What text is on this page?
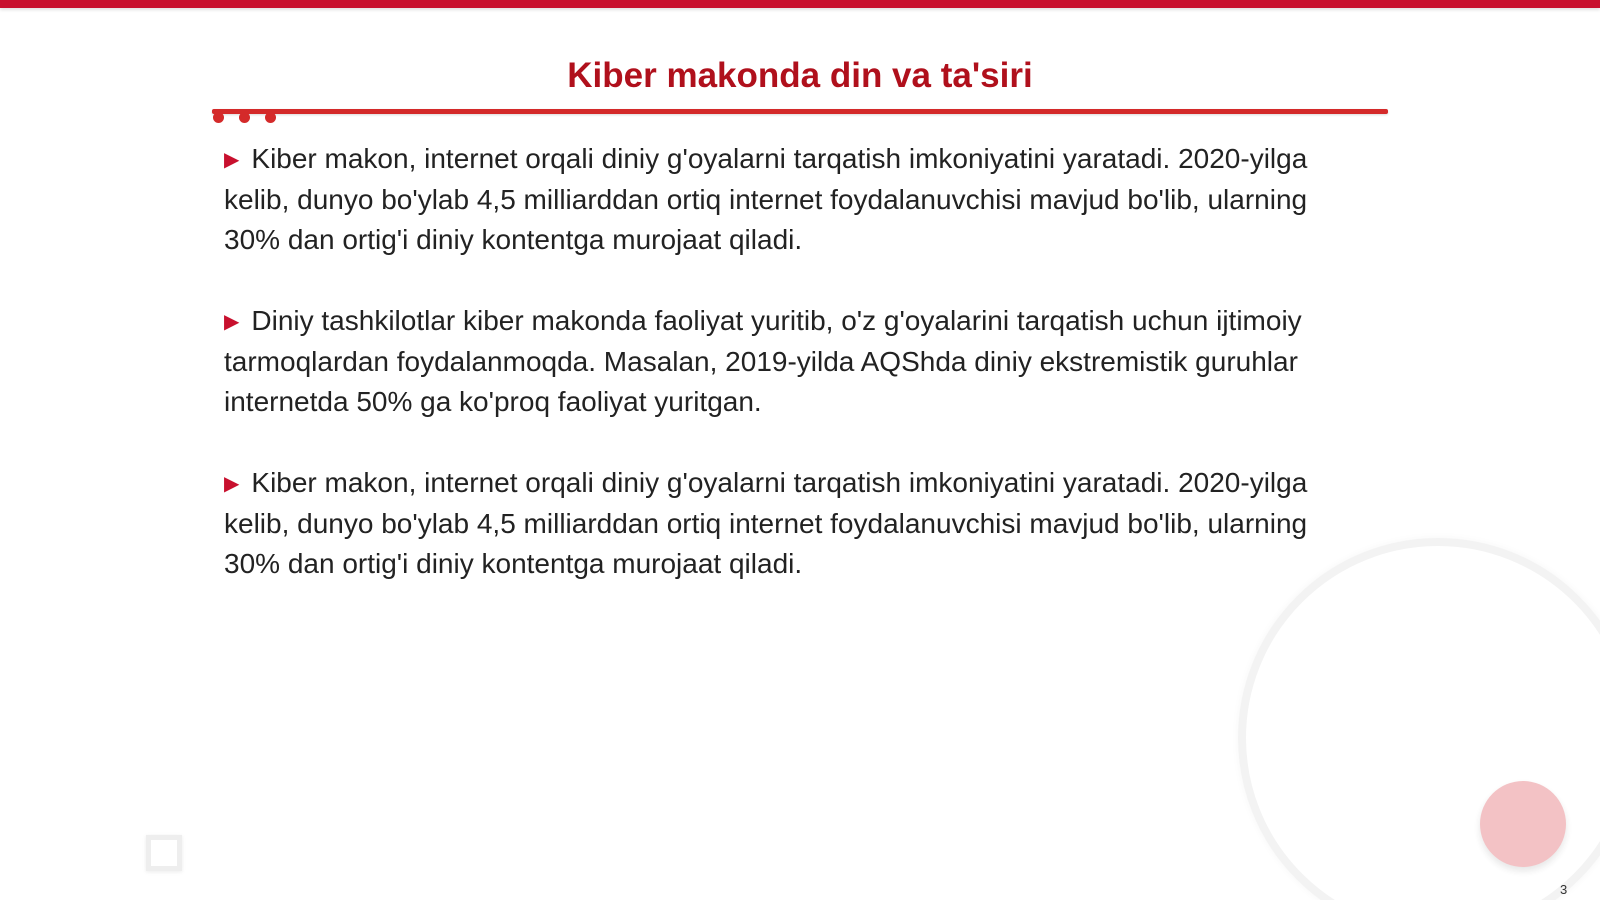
Kiber makonda din va ta'siri

▶ Kiber makon, internet orqali diniy g'oyalarni tarqatish imkoniyatini yaratadi. 2020-yilga kelib, dunyo bo'ylab 4,5 milliarddan ortiq internet foydalanuvchisi mavjud bo'lib, ularning 30% dan ortig'i diniy kontentga murojaat qiladi.

▶ Diniy tashkilotlar kiber makonda faoliyat yuritib, o'z g'oyalarini tarqatish uchun ijtimoiy tarmoqlardan foydalanmoqda. Masalan, 2019-yilda AQShda diniy ekstremistik guruhlar internetda 50% ga ko'proq faoliyat yuritgan.

▶ Kiber makon, internet orqali diniy g'oyalarni tarqatish imkoniyatini yaratadi. 2020-yilga kelib, dunyo bo'ylab 4,5 milliarddan ortiq internet foydalanuvchisi mavjud bo'lib, ularning 30% dan ortig'i diniy kontentga murojaat qiladi.

3
